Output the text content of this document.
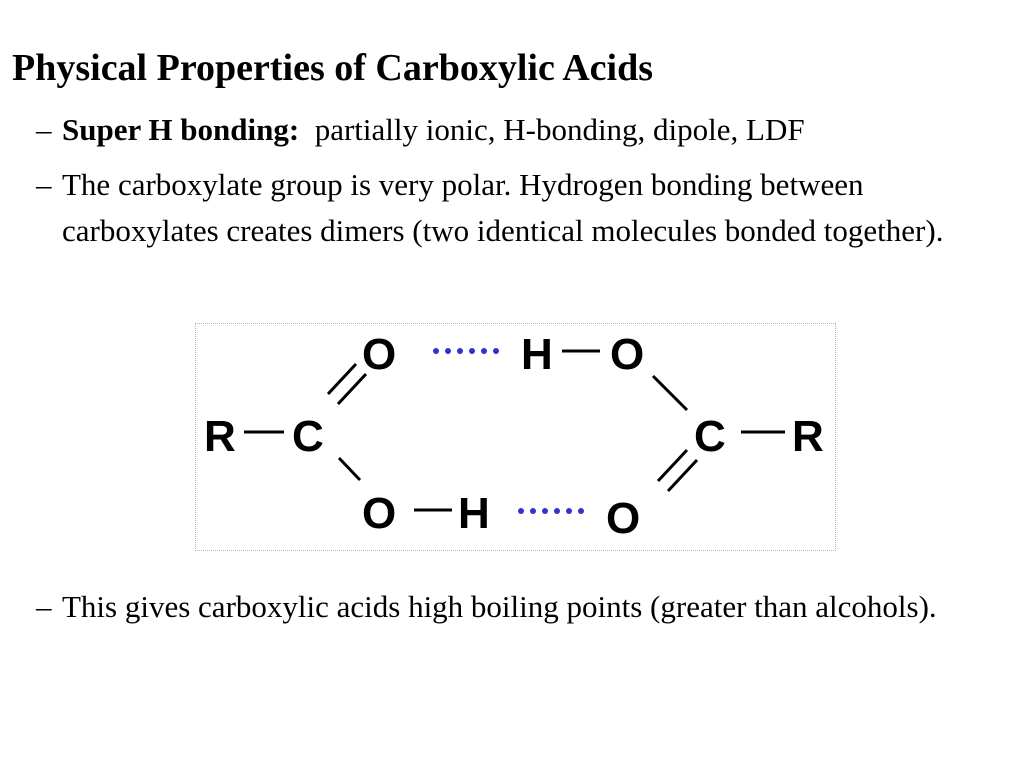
Physical Properties of Carboxylic Acids
– Super H bonding: partially ionic, H-bonding, dipole, LDF
– The carboxylate group is very polar. Hydrogen bonding between carboxylates creates dimers (two identical molecules bonded together).
R C
O
O H
H O
C R
O
– This gives carboxylic acids high boiling points (greater than alcohols).
